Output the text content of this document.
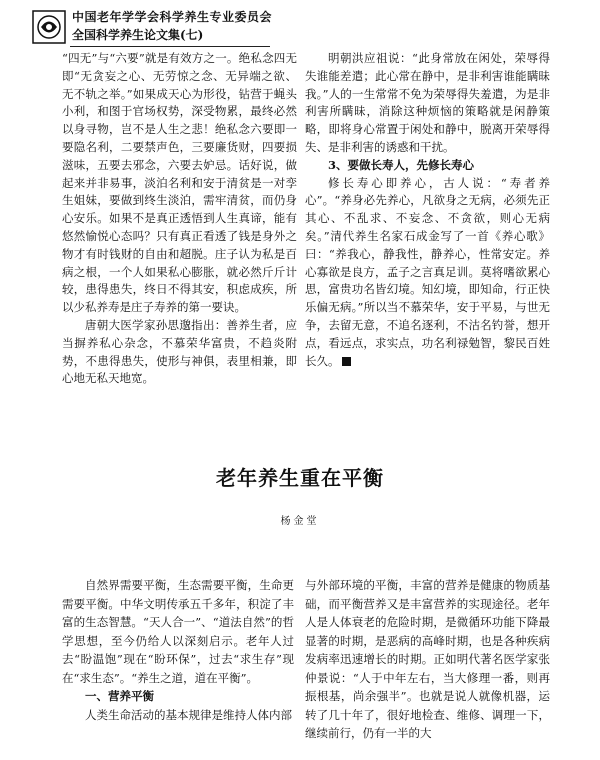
中国老年学学会科学养生专业委员会
全国科学养生论文集(七)

“四无”与“六要”就是有效方之一。绝私念四无即“无贪妄之心、无劳惊之念、无异端之欲、无不轨之举。”如果成天心为形役，钻营于蝇头小利，和图于官场权势，深受物累，最终必然以身寻物，岂不是人生之悲！绝私念六要即一要隐名利，二要禁声色，三要廉货财，四要损滋味，五要去邪念，六要去妒忌。话好说，做起来并非易事，淡泊名利和安于清贫是一对孪生姐妹，要做到终生淡泊，需牢清贫，而仍身心安乐。如果不是真正透悟到人生真谛，能有悠然愉悦心态吗？只有真正看透了钱是身外之物才有时钱财的自由和超脱。庄子认为私是百病之根，一个人如果私心膨胀，就必然斤斤计较，患得患失，终日不得其安，积虑成疾，所以少私养寿是庄子寿养的第一要诀。

唐朝大医学家孙思邈指出：善养生者，应当摒养私心杂念，不慕荣华富贵，不趋炎附势，不患得患失，使形与神俱，表里相兼，即心地无私天地宽。

明朝洪应祖说：“此身常放在闲处，荣辱得失谁能差遣；此心常在静中，是非利害谁能瞒昧我。”人的一生常常不免为荣辱得失羞遣，为是非利害所瞒昧，消除这种烦恼的策略就是闲静策略，即将身心常置于闲处和静中，脱离开荣辱得失、是非利害的诱惑和干扰。

3、要做长寿人，先修长寿心

修长寿心即养心，古人说：“寿者养心”。“养身必先养心，凡欲身之无病，必须先正其心、不乱求、不妄念、不贪欲，则心无病矣。”清代养生名家石成金写了一首《养心歌》曰：“养我心，静我性，静养心，性常安定。养心寡欲是良方，孟子之言真足训。莫将嗜欲累心思，富贵功名皆幻境。知幻境，即知命，行正快乐偏无病。”所以当不慕荣华，安于平易，与世无争，去留无意，不追名逐利，不沽名钓誉，想开点，看远点，求实点，功名利禄勉智，黎民百姓长久。

老年养生重在平衡
杨金堂

自然界需要平衡，生态需要平衡，生命更需要平衡。中华文明传承五千多年，积淀了丰富的生态智慧。“天人合一”、“道法自然”的哲学思想，至今仍给人以深刻启示。老年人过去“盼温饱”现在“盼环保”，过去“求生存”现在“求生态”。“养生之道，道在平衡”。

一、营养平衡

人类生命活动的基本规律是维持人体内部

与外部环境的平衡，丰富的营养是健康的物质基础，而平衡营养又是丰富营养的实现途径。老年人是人体衰老的危险时期，是微循环功能下降最显著的时期，是恶病的高峰时期，也是各种疾病发病率迅速增长的时期。正如明代著名医学家张仲景说：“人于中年左右，当大修理一番，则再振根基，尚余强半”。也就是说人就像机器，运转了几十年了，很好地检查、维修、调理一下，继续前行，仍有一半的大
